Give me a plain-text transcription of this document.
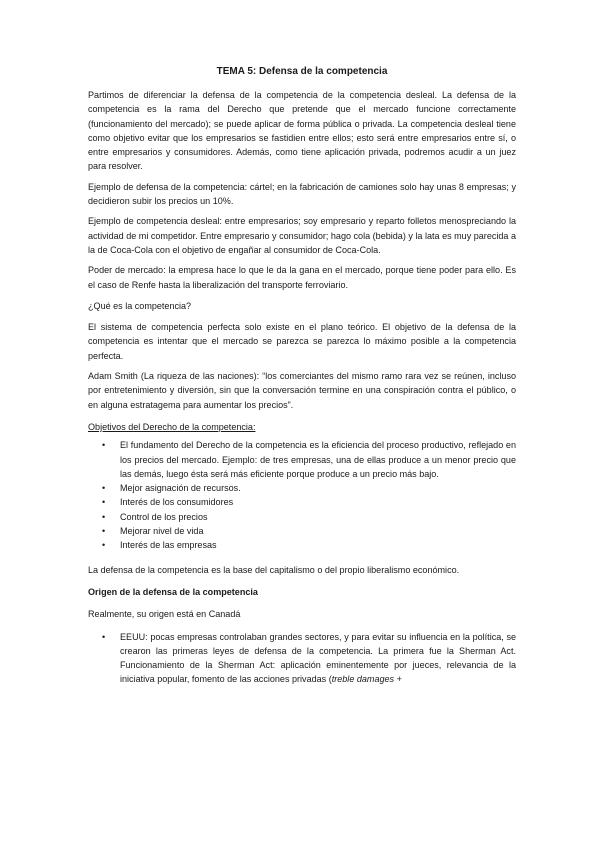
TEMA 5: Defensa de la competencia

Partimos de diferenciar la defensa de la competencia de la competencia desleal. La defensa de la competencia es la rama del Derecho que pretende que el mercado funcione correctamente (funcionamiento del mercado); se puede aplicar de forma pública o privada. La competencia desleal tiene como objetivo evitar que los empresarios se fastidien entre ellos; esto será entre empresarios entre sí, o entre empresarios y consumidores. Además, como tiene aplicación privada, podremos acudir a un juez para resolver.

Ejemplo de defensa de la competencia: cártel; en la fabricación de camiones solo hay unas 8 empresas; y decidieron subir los precios un 10%.

Ejemplo de competencia desleal: entre empresarios; soy empresario y reparto folletos menospreciando la actividad de mi competidor. Entre empresario y consumidor; hago cola (bebida) y la lata es muy parecida a la de Coca-Cola con el objetivo de engañar al consumidor de Coca-Cola.

Poder de mercado: la empresa hace lo que le da la gana en el mercado, porque tiene poder para ello. Es el caso de Renfe hasta la liberalización del transporte ferroviario.

¿Qué es la competencia?

El sistema de competencia perfecta solo existe en el plano teórico. El objetivo de la defensa de la competencia es intentar que el mercado se parezca se parezca lo máximo posible a la competencia perfecta.

Adam Smith (La riqueza de las naciones): “los comerciantes del mismo ramo rara vez se reúnen, incluso por entretenimiento y diversión, sin que la conversación termine en una conspiración contra el público, o en alguna estratagema para aumentar los precios”.

Objetivos del Derecho de la competencia:

• El fundamento del Derecho de la competencia es la eficiencia del proceso productivo, reflejado en los precios del mercado. Ejemplo: de tres empresas, una de ellas produce a un menor precio que las demás, luego ésta será más eficiente porque produce a un precio más bajo.
• Mejor asignación de recursos.
• Interés de los consumidores
• Control de los precios
• Mejorar nivel de vida
• Interés de las empresas

La defensa de la competencia es la base del capitalismo o del propio liberalismo económico.

Origen de la defensa de la competencia

Realmente, su origen está en Canadá

• EEUU: pocas empresas controlaban grandes sectores, y para evitar su influencia en la política, se crearon las primeras leyes de defensa de la competencia. La primera fue la Sherman Act. Funcionamiento de la Sherman Act: aplicación eminentemente por jueces, relevancia de la iniciativa popular, fomento de las acciones privadas (treble damages +
